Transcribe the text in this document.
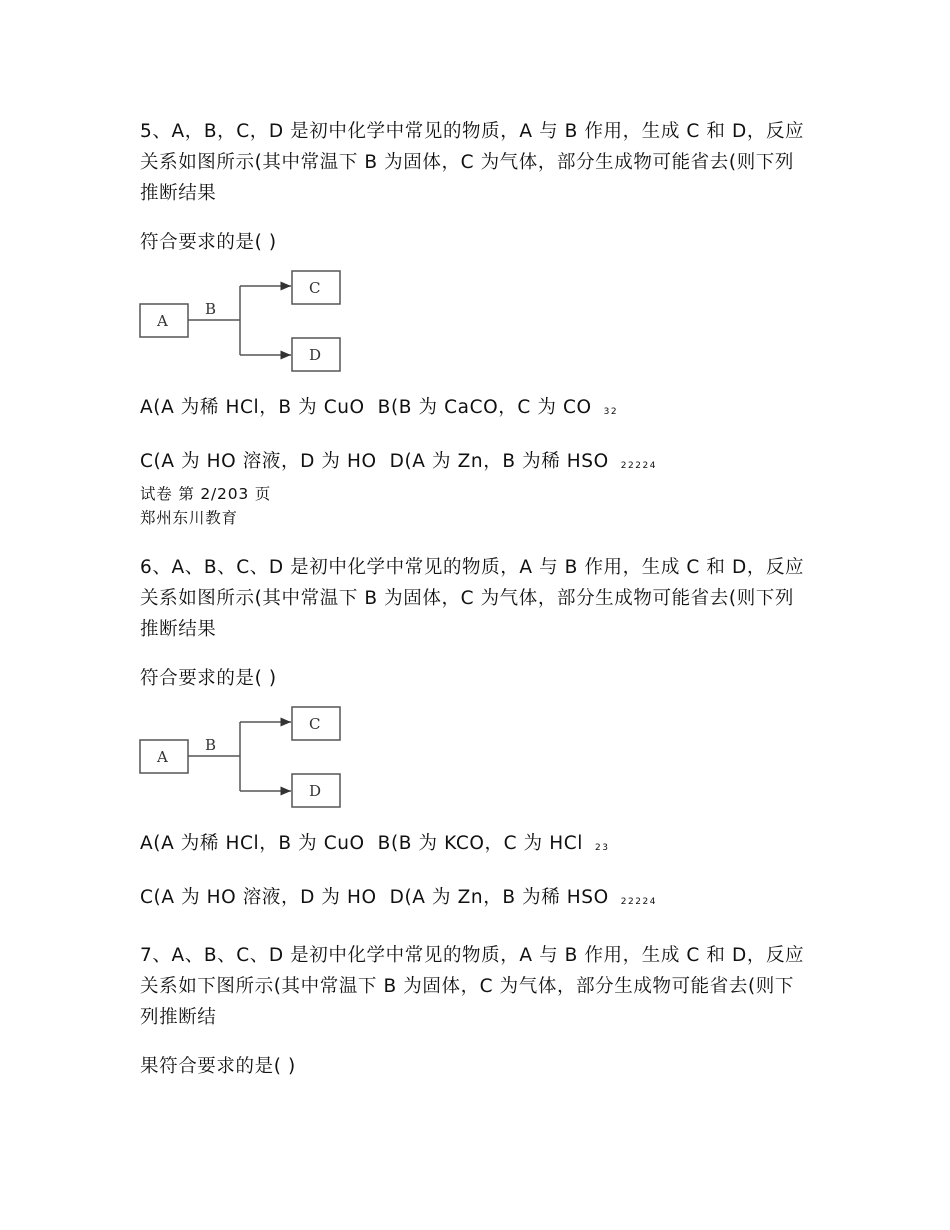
5、A，B，C，D 是初中化学中常见的物质，A 与 B 作用，生成 C 和 D，反应关系如图所示(其中常温下 B 为固体，C 为气体，部分生成物可能省去(则下列推断结果

符合要求的是( )

A
B
C
D

A(A 为稀 HCl，B 为 CuO  B(B 为 CaCO，C 为 CO 32

C(A 为 HO 溶液，D 为 HO  D(A 为 Zn，B 为稀 HSO 22224

试卷 第 2/203 页

郑州东川教育

6、A、B、C、D 是初中化学中常见的物质，A 与 B 作用，生成 C 和 D，反应关系如图所示(其中常温下 B 为固体，C 为气体，部分生成物可能省去(则下列推断结果

符合要求的是( )

A
B
C
D

A(A 为稀 HCl，B 为 CuO  B(B 为 KCO，C 为 HCl 23

C(A 为 HO 溶液，D 为 HO  D(A 为 Zn，B 为稀 HSO 22224

7、A、B、C、D 是初中化学中常见的物质，A 与 B 作用，生成 C 和 D，反应关系如下图所示(其中常温下 B 为固体，C 为气体，部分生成物可能省去(则下列推断结

果符合要求的是( )
